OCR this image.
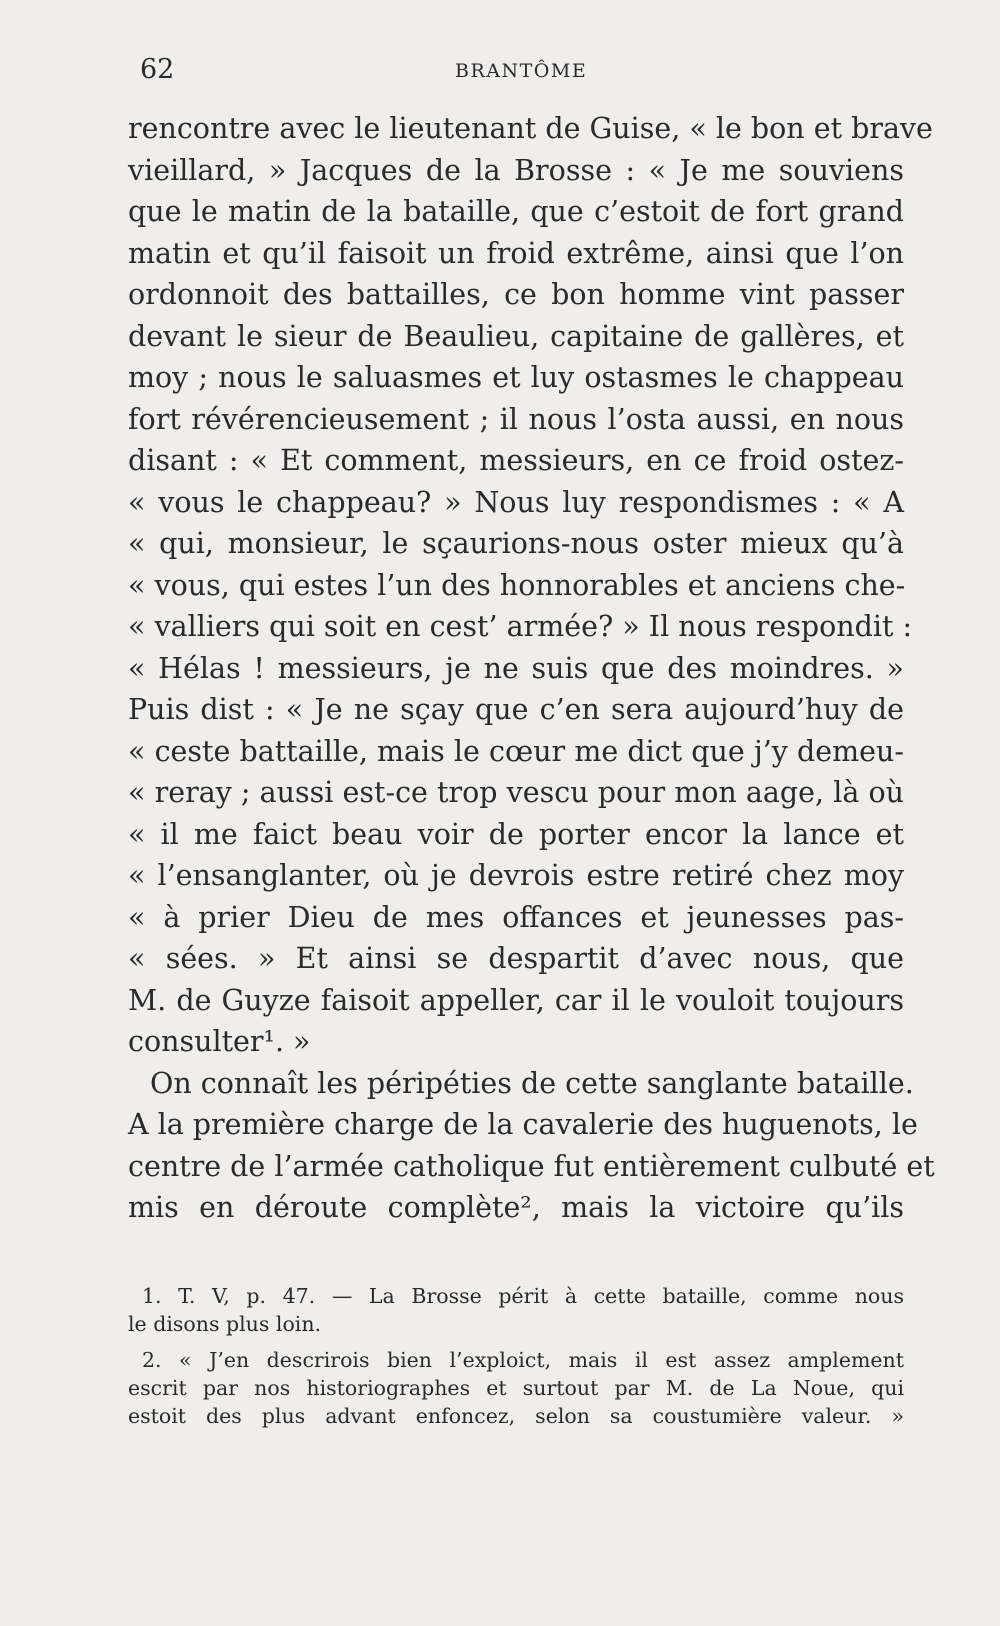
62	BRANTÔME
rencontre avec le lieutenant de Guise, « le bon et brave
vieillard, » Jacques de la Brosse : « Je me souviens
que le matin de la bataille, que c’estoit de fort grand
matin et qu’il faisoit un froid extrême, ainsi que l’on
ordonnoit des battailles, ce bon homme vint passer
devant le sieur de Beaulieu, capitaine de gallères, et
moy ; nous le saluasmes et luy ostasmes le chappeau
fort révérencieusement ; il nous l’osta aussi, en nous
disant : « Et comment, messieurs, en ce froid ostez-
« vous le chappeau? » Nous luy respondismes : « A
« qui, monsieur, le sçaurions-nous oster mieux qu’à
« vous, qui estes l’un des honnorables et anciens che-
« valliers qui soit en cest’ armée? » Il nous respondit :
« Hélas ! messieurs, je ne suis que des moindres. »
Puis dist : « Je ne sçay que c’en sera aujourd’huy de
« ceste battaille, mais le cœur me dict que j’y demeu-
« reray ; aussi est-ce trop vescu pour mon aage, là où
« il me faict beau voir de porter encor la lance et
« l’ensanglanter, où je devrois estre retiré chez moy
« à prier Dieu de mes offances et jeunesses pas-
« sées. » Et ainsi se despartit d’avec nous, que
M. de Guyze faisoit appeller, car il le vouloit toujours
consulter¹. »
On connaît les péripéties de cette sanglante bataille.
A la première charge de la cavalerie des huguenots, le
centre de l’armée catholique fut entièrement culbuté et
mis en déroute complète², mais la victoire qu’ils
1. T. V, p. 47. — La Brosse périt à cette bataille, comme nous
le disons plus loin.
2. « J’en descrirois bien l’exploict, mais il est assez amplement
escrit par nos historiographes et surtout par M. de La Noue, qui
estoit des plus advant enfoncez, selon sa coustumière valeur. »
